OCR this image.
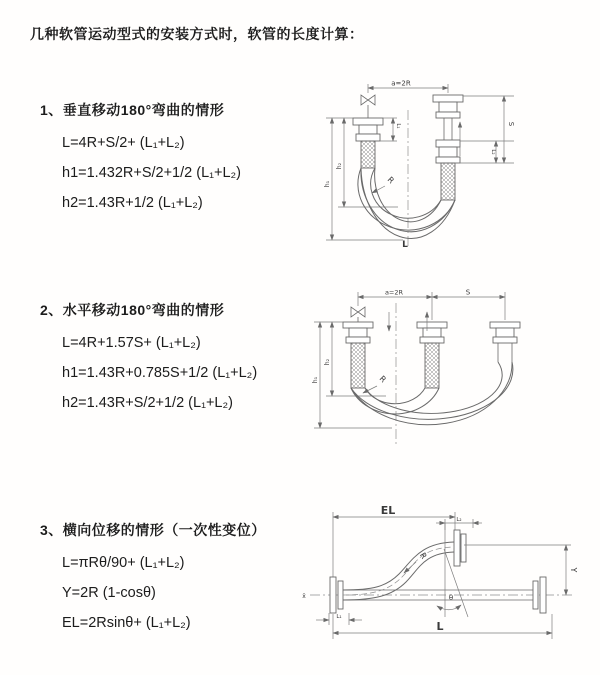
几种软管运动型式的安装方式时，软管的长度计算：
1、垂直移动180°弯曲的情形
L=4R+S/2+ (L₁+L₂)
h1=1.432R+S/2+1/2 (L₁+L₂)
h2=1.43R+1/2 (L₁+L₂)
2、水平移动180°弯曲的情形
L=4R+1.57S+ (L₁+L₂)
h1=1.43R+0.785S+1/2 (L₁+L₂)
h2=1.43R+S/2+1/2 (L₁+L₂)
3、横向位移的情形（一次性变位）
L=πRθ/90+ (L₁+L₂)
Y=2R (1-cosθ)
EL=2Rsinθ+ (L₁+L₂)
a=2R
L₁	S
L₂
h₁
h₂
R
L
a=2R	S
h₁
h₂
R
x̄
EL
L₂
R
θ
Y
L₁
L
